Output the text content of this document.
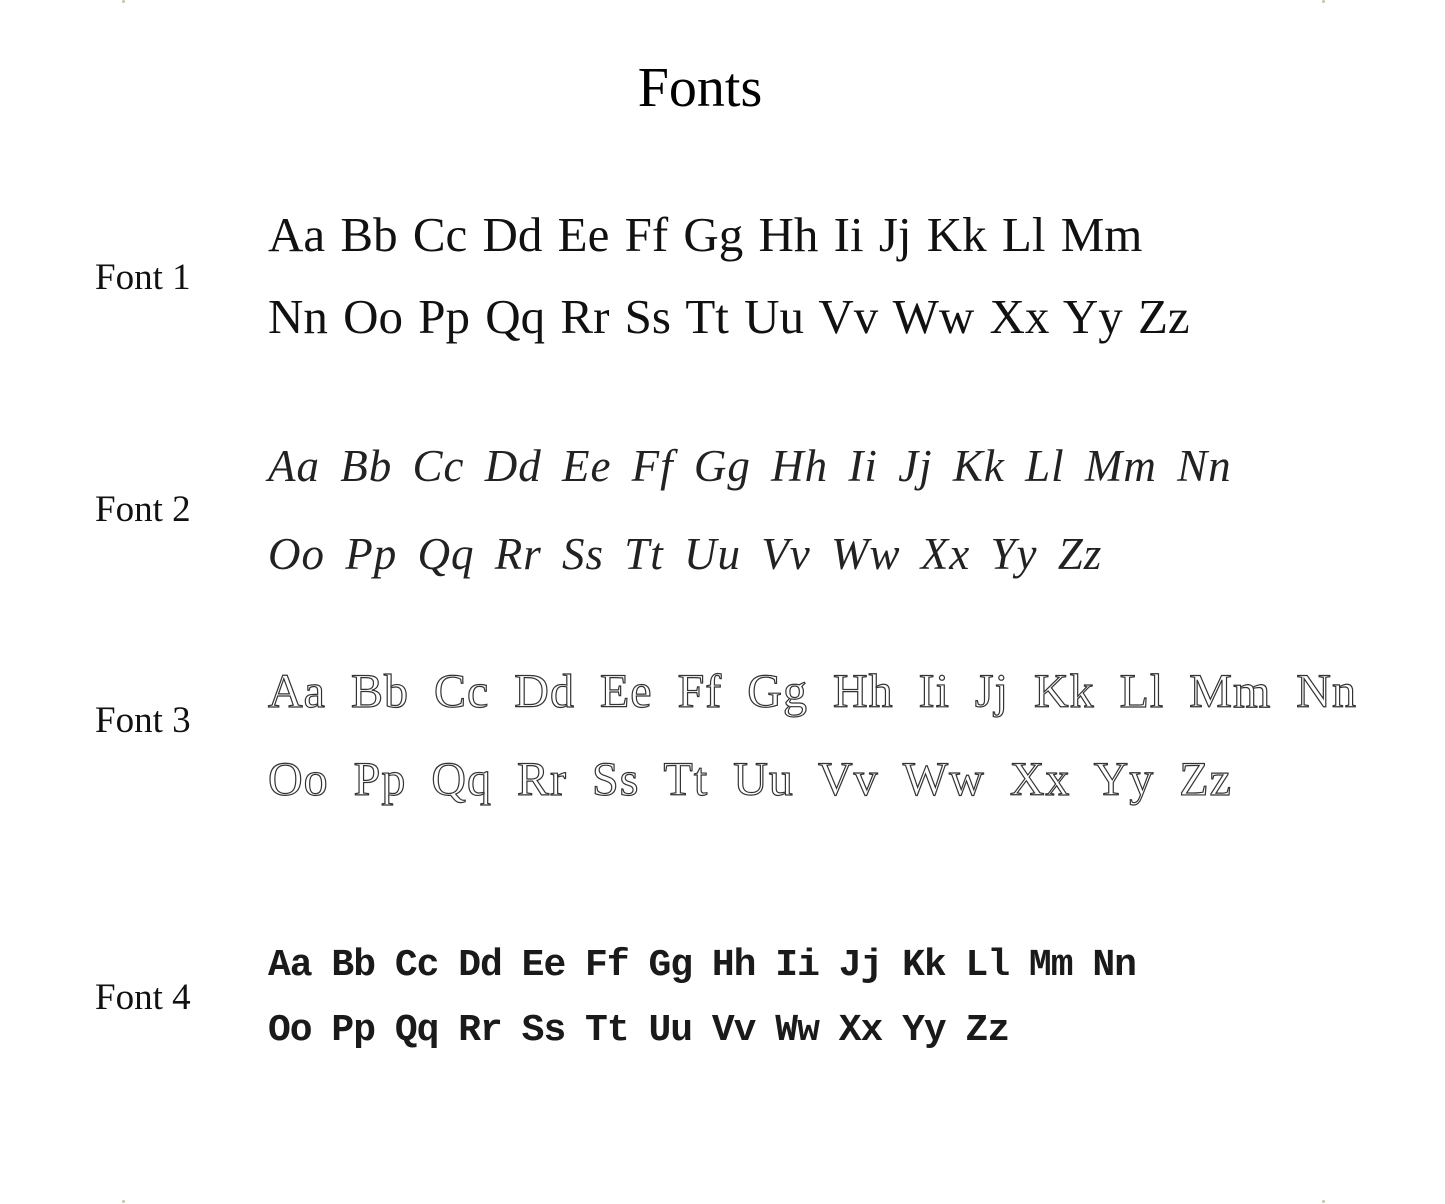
Fonts
Font 1
Aa Bb Cc Dd Ee Ff Gg Hh Ii Jj Kk Ll Mm
Nn Oo Pp Qq Rr Ss Tt Uu Vv Ww Xx Yy Zz
Font 2
Aa Bb Cc Dd Ee Ff Gg Hh Ii Jj Kk Ll Mm Nn
Oo Pp Qq Rr Ss Tt Uu Vv Ww Xx Yy Zz
Font 3
Aa Bb Cc Dd Ee Ff Gg Hh Ii Jj Kk Ll Mm Nn
Oo Pp Qq Rr Ss Tt Uu Vv Ww Xx Yy Zz
Font 4
Aa Bb Cc Dd Ee Ff Gg Hh Ii Jj Kk Ll Mm Nn
Oo Pp Qq Rr Ss Tt Uu Vv Ww Xx Yy Zz
